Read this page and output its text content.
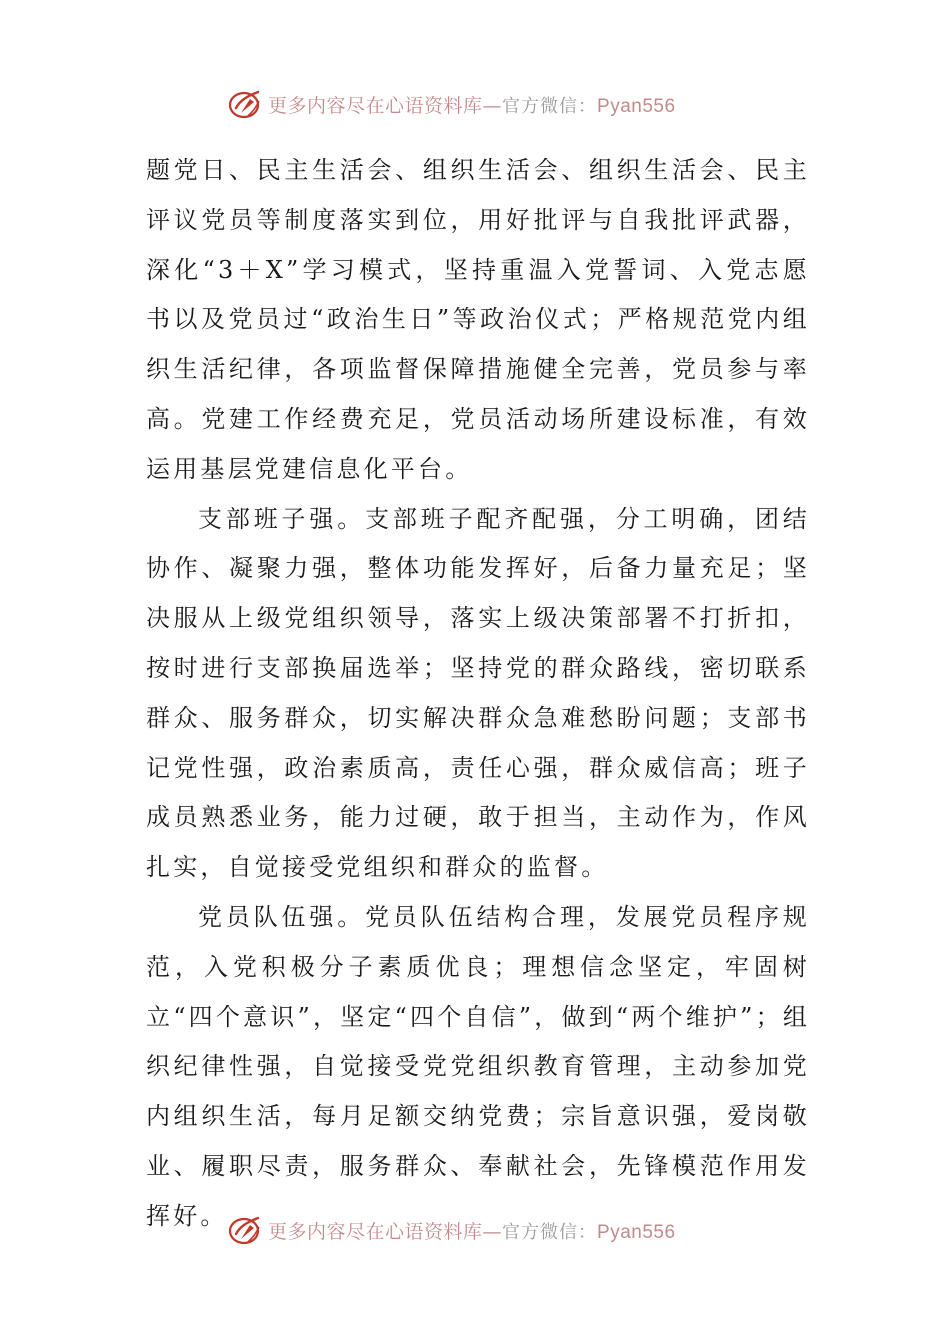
更多内容尽在心语资料库—官方微信：Pyan556

题党日、民主生活会、组织生活会、组织生活会、民主评议党员等制度落实到位，用好批评与自我批评武器，深化“3＋X”学习模式，坚持重温入党誓词、入党志愿书以及党员过“政治生日”等政治仪式；严格规范党内组织生活纪律，各项监督保障措施健全完善，党员参与率高。党建工作经费充足，党员活动场所建设标准，有效运用基层党建信息化平台。

支部班子强。支部班子配齐配强，分工明确，团结协作、凝聚力强，整体功能发挥好，后备力量充足；坚决服从上级党组织领导，落实上级决策部署不打折扣，按时进行支部换届选举；坚持党的群众路线，密切联系群众、服务群众，切实解决群众急难愁盼问题；支部书记党性强，政治素质高，责任心强，群众威信高；班子成员熟悉业务，能力过硬，敢于担当，主动作为，作风扎实，自觉接受党组织和群众的监督。

党员队伍强。党员队伍结构合理，发展党员程序规范，入党积极分子素质优良；理想信念坚定，牢固树立“四个意识”，坚定“四个自信”，做到“两个维护”；组织纪律性强，自觉接受党党组织教育管理，主动参加党内组织生活，每月足额交纳党费；宗旨意识强，爱岗敬业、履职尽责，服务群众、奉献社会，先锋模范作用发挥好。

更多内容尽在心语资料库—官方微信：Pyan556
